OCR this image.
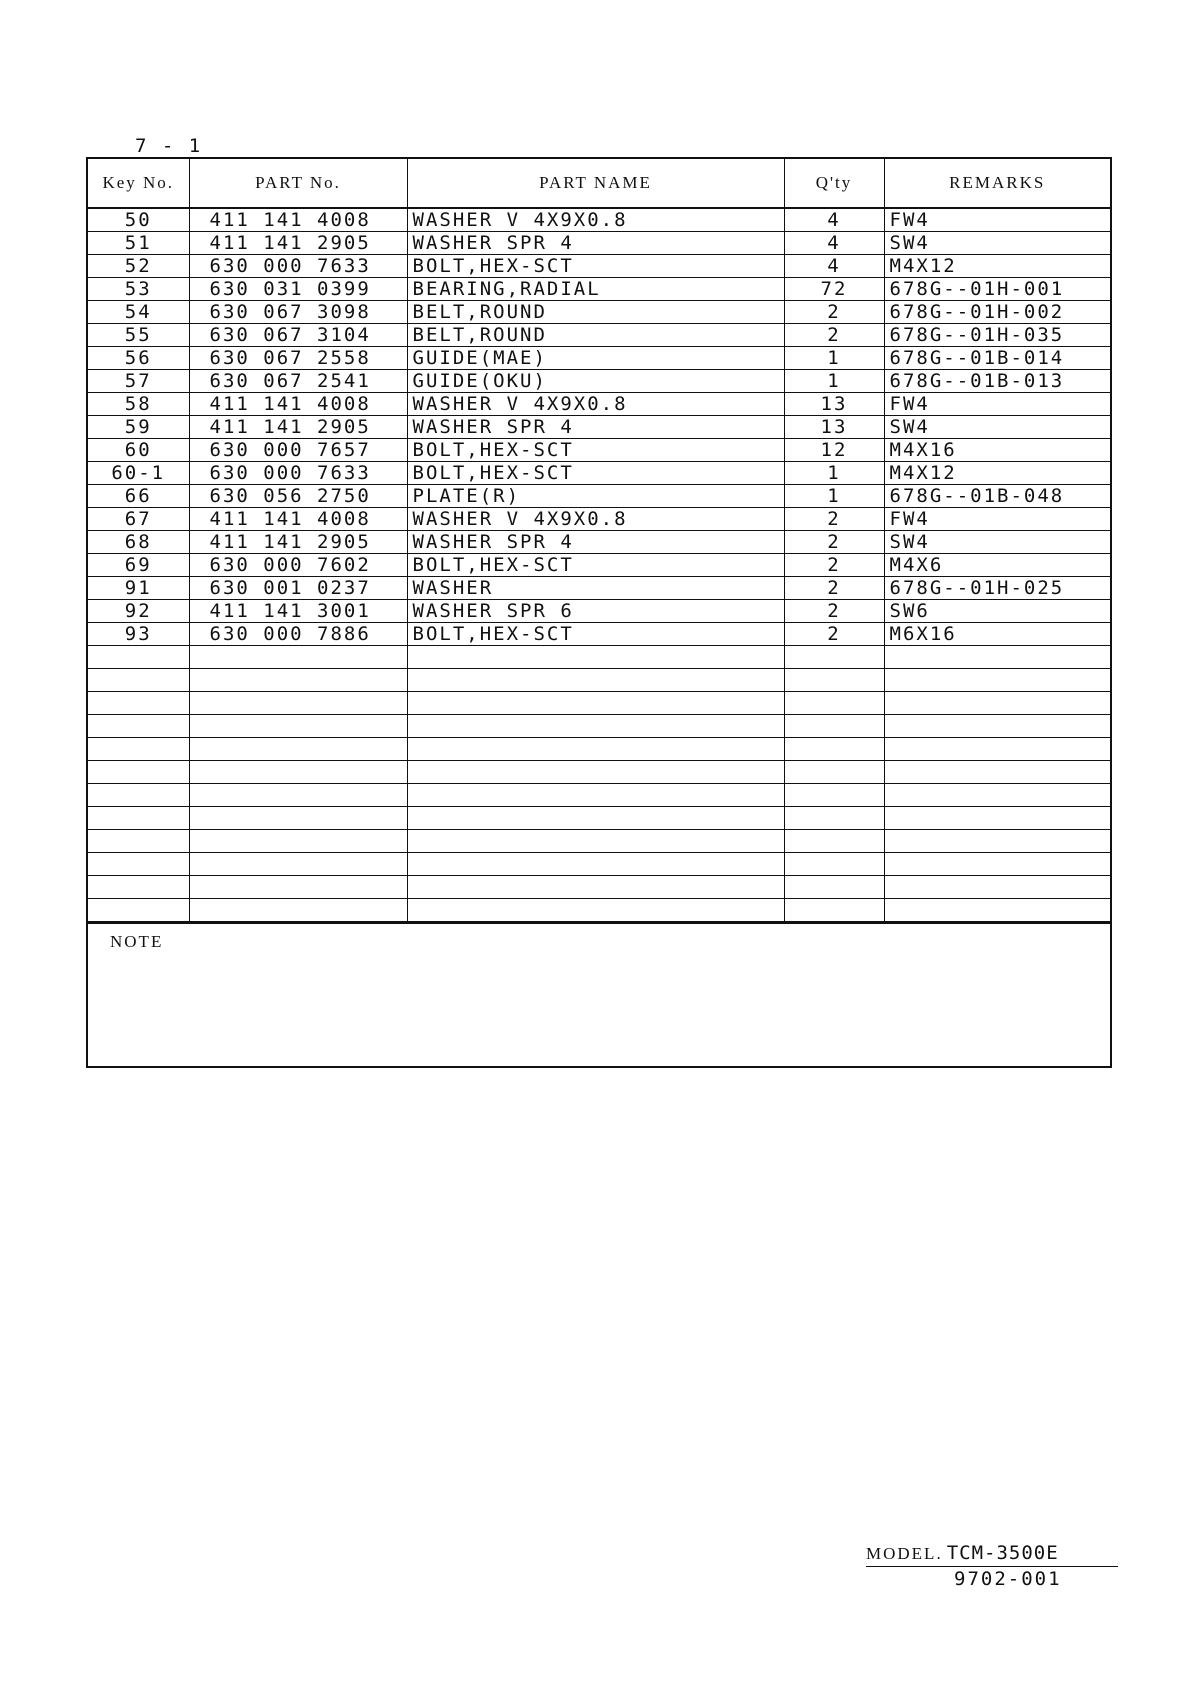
7 - 1
Key No.	PART No.	PART NAME	Q'ty	REMARKS
50	411 141 4008	WASHER V 4X9X0.8	4	FW4
51	411 141 2905	WASHER SPR 4	4	SW4
52	630 000 7633	BOLT,HEX-SCT	4	M4X12
53	630 031 0399	BEARING,RADIAL	72	678G--01H-001
54	630 067 3098	BELT,ROUND	2	678G--01H-002
55	630 067 3104	BELT,ROUND	2	678G--01H-035
56	630 067 2558	GUIDE(MAE)	1	678G--01B-014
57	630 067 2541	GUIDE(OKU)	1	678G--01B-013
58	411 141 4008	WASHER V 4X9X0.8	13	FW4
59	411 141 2905	WASHER SPR 4	13	SW4
60	630 000 7657	BOLT,HEX-SCT	12	M4X16
60-1	630 000 7633	BOLT,HEX-SCT	1	M4X12
66	630 056 2750	PLATE(R)	1	678G--01B-048
67	411 141 4008	WASHER V 4X9X0.8	2	FW4
68	411 141 2905	WASHER SPR 4	2	SW4
69	630 000 7602	BOLT,HEX-SCT	2	M4X6
91	630 001 0237	WASHER	2	678G--01H-025
92	411 141 3001	WASHER SPR 6	2	SW6
93	630 000 7886	BOLT,HEX-SCT	2	M6X16

NOTE
MODEL. TCM-3500E
9702-001
